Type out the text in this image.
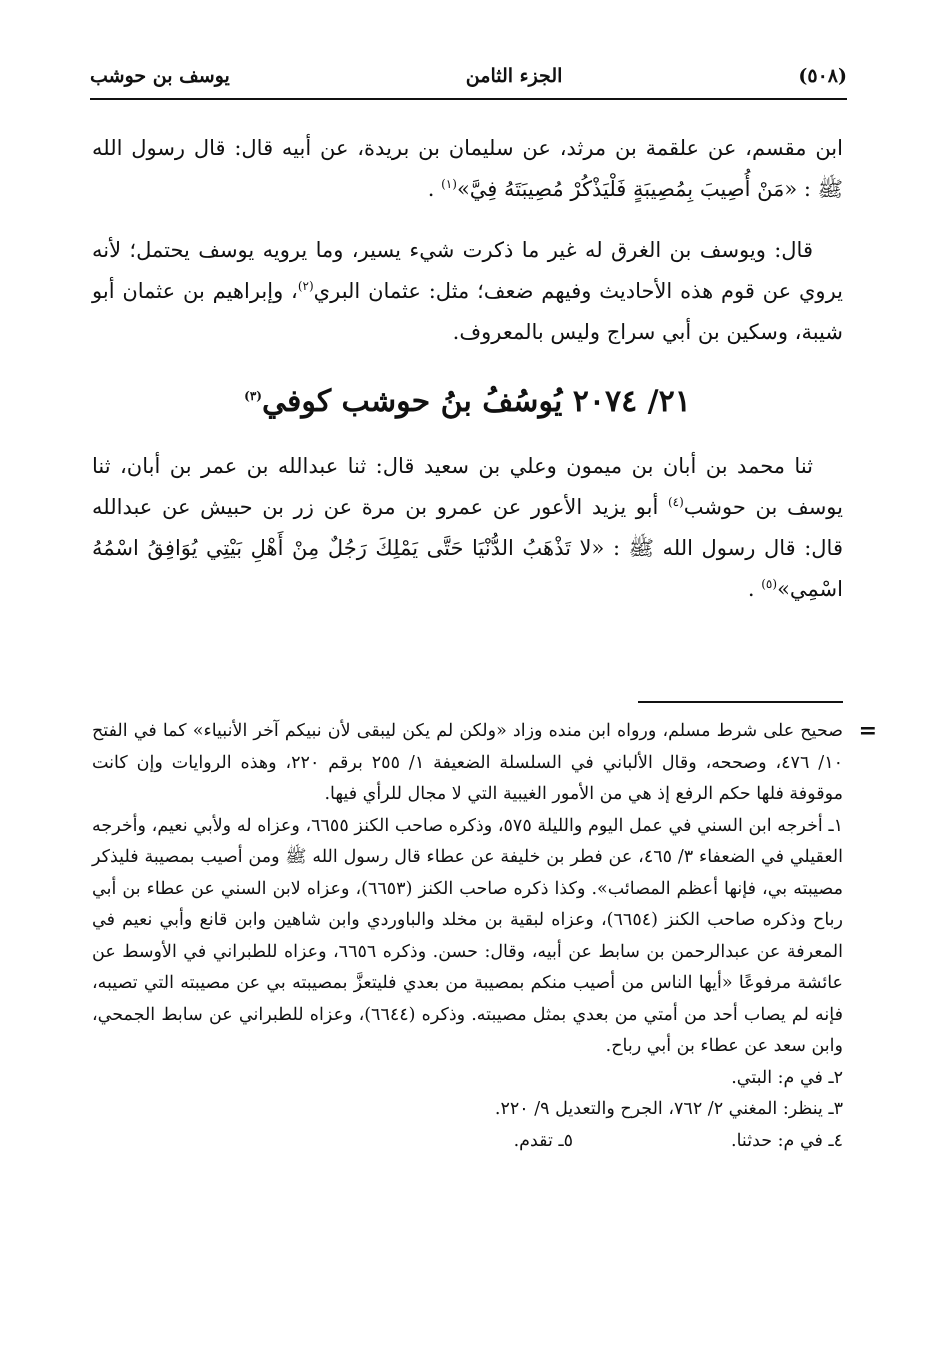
(٥٠٨)
الجزء الثامن
يوسف بن حوشب

ابن مقسم، عن علقمة بن مرثد، عن سليمان بن بريدة، عن أبيه قال: قال رسول الله ﷺ : «مَنْ أُصِيبَ بِمُصِيبَةٍ فَلْيَذْكُرْ مُصِيبَتَهُ فِيَّ»$^{(١)}$ .

قال: ويوسف بن الغرق له غير ما ذكرت شيء يسير، وما يرويه يوسف يحتمل؛ لأنه يروي عن قوم هذه الأحاديث وفيهم ضعف؛ مثل: عثمان البري$^{(٢)}$، وإبراهيم بن عثمان أبو شيبة، وسكين بن أبي سراج وليس بالمعروف.

٢١/ ٢٠٧٤ يُوسُفُ بنُ حوشب كوفي$^{(٣)}$

ثنا محمد بن أبان بن ميمون وعلي بن سعيد قال: ثنا عبدالله بن عمر بن أبان، ثنا يوسف بن حوشب$^{(٤)}$ أبو يزيد الأعور عن عمرو بن مرة عن زر بن حبيش عن عبدالله قال: قال رسول الله ﷺ : «لا تَذْهَبُ الدُّنْيَا حَتَّى يَمْلِكَ رَجُلٌ مِنْ أَهْلِ بَيْتِي يُوَافِقُ اسْمُهُ اسْمِي»$^{(٥)}$ .

=

صحيح على شرط مسلم، ورواه ابن منده وزاد «ولكن لم يكن ليبقى لأن نبيكم آخر الأنبياء» كما في الفتح ١٠/ ٤٧٦، وصححه، وقال الألباني في السلسلة الضعيفة ١/ ٢٥٥ برقم ٢٢٠، وهذه الروايات وإن كانت موقوفة فلها حكم الرفع إذ هي من الأمور الغيبية التي لا مجال للرأي فيها.

١ـ أخرجه ابن السني في عمل اليوم والليلة ٥٧٥، وذكره صاحب الكنز ٦٦٥٥، وعزاه له ولأبي نعيم، وأخرجه العقيلي في الضعفاء ٣/ ٤٦٥، عن فطر بن خليفة عن عطاء قال رسول الله ﷺ ومن أصيب بمصيبة فليذكر مصيبته بي، فإنها أعظم المصائب». وكذا ذكره صاحب الكنز (٦٦٥٣)، وعزاه لابن السني عن عطاء بن أبي رباح وذكره صاحب الكنز (٦٦٥٤)، وعزاه لبقية بن مخلد والباوردي وابن شاهين وابن قانع وأبي نعيم في المعرفة عن عبدالرحمن بن سابط عن أبيه، وقال: حسن. وذكره ٦٦٥٦، وعزاه للطبراني في الأوسط عن عائشة مرفوعًا «أيها الناس من أصيب منكم بمصيبة من بعدي فليتعزَّ بمصيبته بي عن مصيبته التي تصيبه، فإنه لم يصاب أحد من أمتي من بعدي بمثل مصيبته. وذكره (٦٦٤٤)، وعزاه للطبراني عن سابط الجمحي، وابن سعد عن عطاء بن أبي رباح.

٢ـ في م: البتي.

٣ـ ينظر: المغني ٢/ ٧٦٢، الجرح والتعديل ٩/ ٢٢٠.

٤ـ في م: حدثنا.
٥ـ تقدم.
